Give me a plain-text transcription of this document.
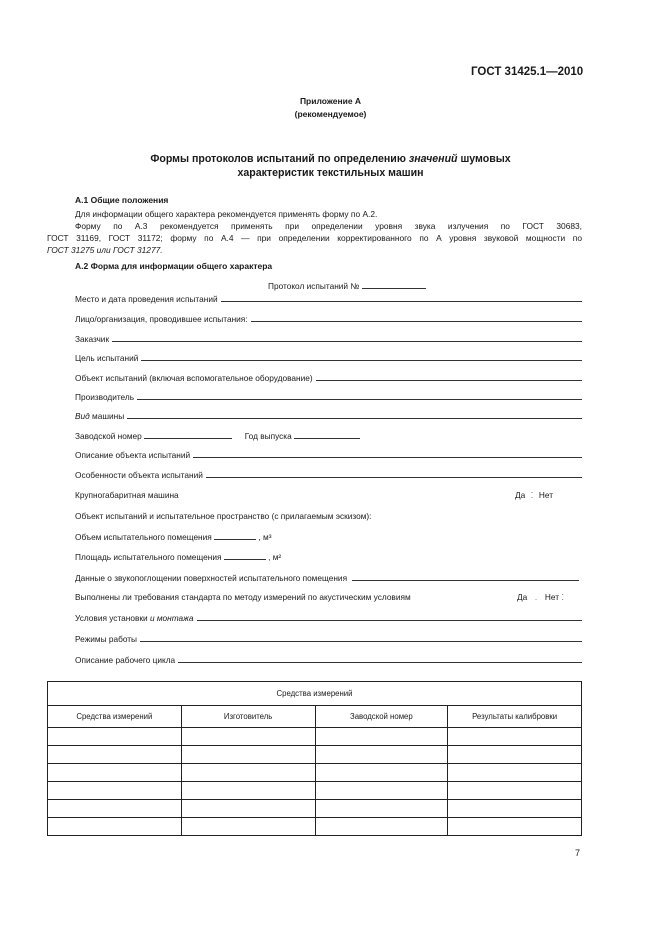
ГОСТ 31425.1—2010
Приложение А
(рекомендуемое)
Формы протоколов испытаний по определению значений шумовых
характеристик текстильных машин
А.1 Общие положения
Для информации общего характера рекомендуется применять форму по А.2.
Форму по А.3 рекомендуется применять при определении уровня звука излучения по ГОСТ 30683,
ГОСТ 31169, ГОСТ 31172; форму по А.4 — при определении корректированного по А уровня звуковой мощности по
ГОСТ 31275 или ГОСТ 31277.
А.2 Форма для информации общего характера
Протокол испытаний №
Место и дата проведения испытаний
Лицо/организация, проводившее испытания:
Заказчик
Цель испытаний
Объект испытаний (включая вспомогательное оборудование)
Производитель
Вид машины
Заводской номер	Год выпуска
Описание объекта испытаний
Особенности объекта испытаний
Крупногабаритная машина	Да ⁚ Нет
Объект испытаний и испытательное пространство (с прилагаемым эскизом):
Объем испытательного помещения	, м³
Площадь испытательного помещения	, м²
Данные о звукопоглощении поверхностей испытательного помещения
Выполнены ли требования стандарта по методу измерений по акустическим условиям	Да . Нет ⁚
Условия установки и монтажа
Режимы работы
Описание рабочего цикла
Средства измерений			
Средства измерений	Изготовитель	Заводской номер	Результаты калибровки

7
